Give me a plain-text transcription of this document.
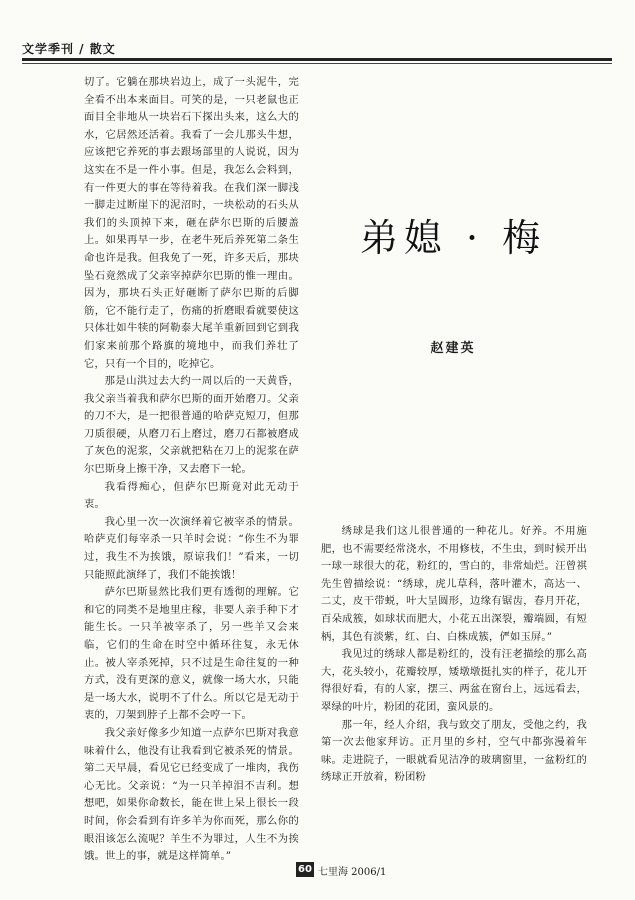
文学季刊 / 散文

切了。它躺在那块岩边上，成了一头泥牛，完全看不出本来面目。可笑的是，一只老鼠也正面目全非地从一块岩石下探出头来，这么大的水，它居然还活着。我看了一会儿那头牛想，应该把它养死的事去跟场部里的人说说，因为这实在不是一件小事。但是，我怎么会料到，有一件更大的事在等待着我。在我们深一脚浅一脚走过断崖下的泥沼时，一块松动的石头从我们的头顶掉下来，砸在萨尔巴斯的后腰盖上。如果再早一步，在老牛死后养死第二条生命也许是我。但我免了一死，许多天后，那块坠石竟然成了父亲宰掉萨尔巴斯的惟一理由。因为，那块石头正好砸断了萨尔巴斯的后脚筋，它不能行走了，伤痛的折磨眼看就要使这只体壮如牛犊的阿勒泰大尾羊重新回到它到我们家来前那个路旗的境地中，而我们养壮了它，只有一个目的，吃掉它。

那是山洪过去大约一周以后的一天黄昏，我父亲当着我和萨尔巴斯的面开始磨刀。父亲的刀不大，是一把很普通的哈萨克短刀，但那刀质很硬，从磨刀石上磨过，磨刀石都被磨成了灰色的泥浆，父亲就把粘在刀上的泥浆在萨尔巴斯身上擦干净，又去磨下一轮。

我看得痴心，但萨尔巴斯竟对此无动于衷。

我心里一次一次演绎着它被宰杀的情景。哈萨克们每宰杀一只羊时会说：“你生不为罪过，我生不为挨饿，原谅我们！”看来，一切只能照此演绎了，我们不能挨饿！

萨尔巴斯显然比我们更有透彻的理解。它和它的同类不是地里庄稼，非要人亲手种下才能生长。一只羊被宰杀了，另一些羊又会来临，它们的生命在时空中循环往复，永无休止。被人宰杀死掉，只不过是生命往复的一种方式，没有更深的意义，就像一场大水，只能是一场大水，说明不了什么。所以它是无动于衷的，刀架到脖子上都不会哼一下。

我父亲好像多少知道一点萨尔巴斯对我意味着什么，他没有让我看到它被杀死的情景。第二天早晨，看见它已经变成了一堆肉，我伤心无比。父亲说：“为一只羊掉泪不吉利。想想吧，如果你命数长，能在世上呆上很长一段时间，你会看到有许多羊为你而死，那么你的眼泪该怎么流呢？羊生不为罪过，人生不为挨饿。世上的事，就是这样简单。”

弟媳 · 梅
赵建英

绣球是我们这儿很普通的一种花儿。好养。不用施肥，也不需要经常浇水，不用修枝，不生虫，到时候开出一球一球很大的花，粉红的，雪白的，非常灿烂。汪曾祺先生曾描绘说：“绣球，虎儿草科，落叶灌木，高达一、二丈，皮干带蜕，叶大呈圆形，边缘有锯齿，春月开花，百朵成簇，如球状而肥大，小花五出深裂，瓣端圆，有短柄，其色有淡紫，红、白、白株成簇，俨如玉屏。”

我见过的绣球人都是粉红的，没有汪老描绘的那么高大，花头较小，花瓣较厚，矮墩墩挺扎实的样子，花儿开得很好看，有的人家，摆三、两盆在窗台上，远远看去，翠绿的叶片，粉团的花团，蛮风景的。

那一年，经人介绍，我与致交了朋友，受他之约，我第一次去他家拜访。正月里的乡村，空气中都弥漫着年味。走进院子，一眼就看见洁净的玻璃窗里，一盆粉红的绣球正开放着，粉团粉

60 七里海 2006/1
